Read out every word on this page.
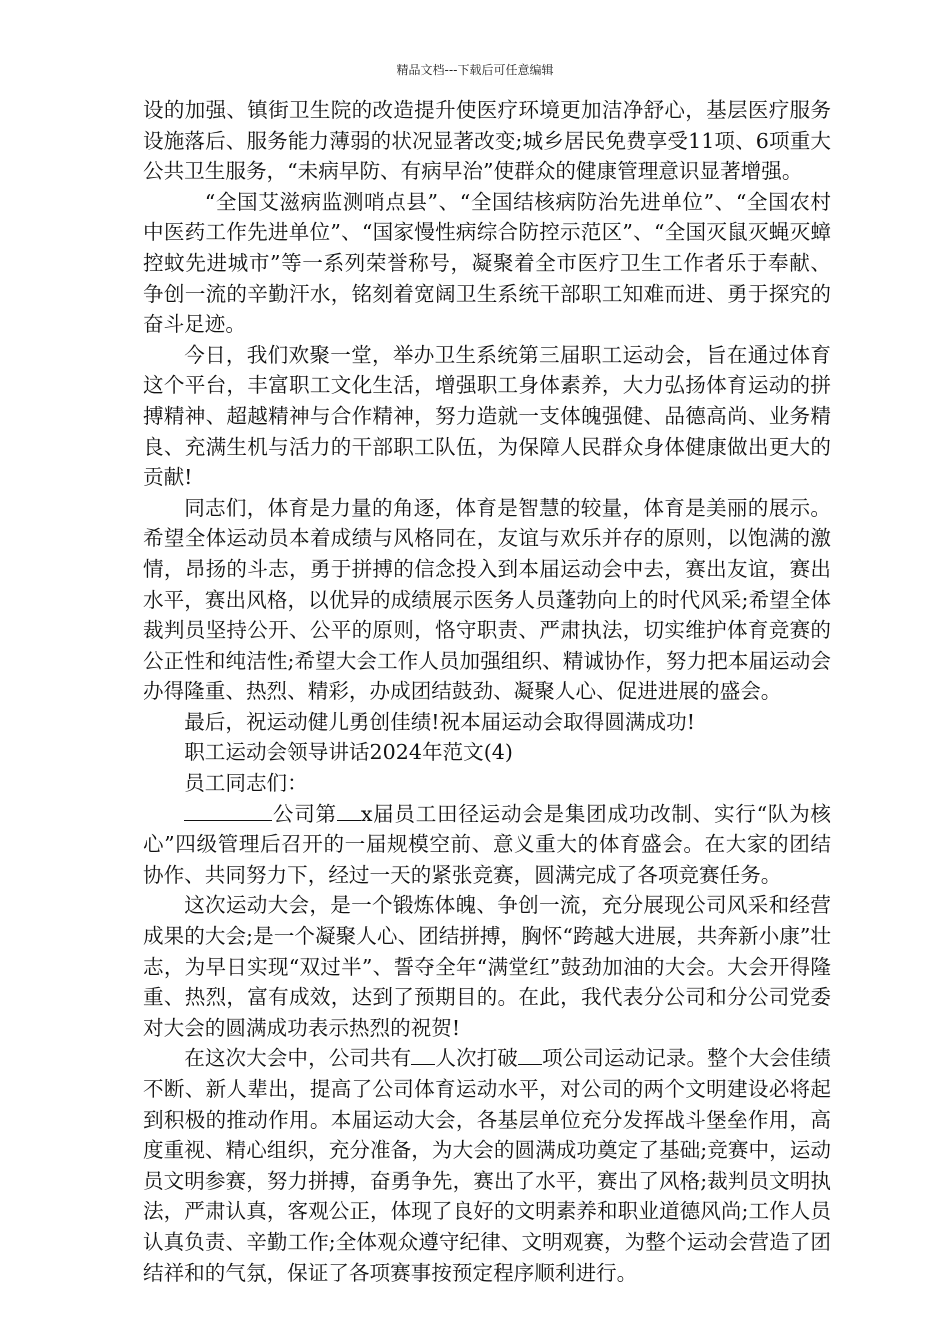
精品文档---下载后可任意编辑

设的加强、镇街卫生院的改造提升使医疗环境更加洁净舒心，基层医疗服务设施落后、服务能力薄弱的状况显著改变;城乡居民免费享受11项、6项重大公共卫生服务，“未病早防、有病早治”使群众的健康管理意识显著增强。

“全国艾滋病监测哨点县”、“全国结核病防治先进单位”、“全国农村中医药工作先进单位”、“国家慢性病综合防控示范区”、“全国灭鼠灭蝇灭蟑控蚊先进城市”等一系列荣誉称号，凝聚着全市医疗卫生工作者乐于奉献、争创一流的辛勤汗水，铭刻着宽阔卫生系统干部职工知难而进、勇于探究的奋斗足迹。

今日，我们欢聚一堂，举办卫生系统第三届职工运动会，旨在通过体育这个平台，丰富职工文化生活，增强职工身体素养，大力弘扬体育运动的拼搏精神、超越精神与合作精神，努力造就一支体魄强健、品德高尚、业务精良、充满生机与活力的干部职工队伍，为保障人民群众身体健康做出更大的贡献!

同志们，体育是力量的角逐，体育是智慧的较量，体育是美丽的展示。希望全体运动员本着成绩与风格同在，友谊与欢乐并存的原则，以饱满的激情，昂扬的斗志，勇于拼搏的信念投入到本届运动会中去，赛出友谊，赛出水平，赛出风格，以优异的成绩展示医务人员蓬勃向上的时代风采;希望全体裁判员坚持公开、公平的原则，恪守职责、严肃执法，切实维护体育竞赛的公正性和纯洁性;希望大会工作人员加强组织、精诚协作，努力把本届运动会办得隆重、热烈、精彩，办成团结鼓劲、凝聚人心、促进进展的盛会。

最后，祝运动健儿勇创佳绩!祝本届运动会取得圆满成功!

职工运动会领导讲话2024年范文(4)

员工同志们：

公司第 x届员工田径运动会是集团成功改制、实行“队为核心”四级管理后召开的一届规模空前、意义重大的体育盛会。在大家的团结协作、共同努力下，经过一天的紧张竞赛，圆满完成了各项竞赛任务。

这次运动大会，是一个锻炼体魄、争创一流，充分展现公司风采和经营成果的大会;是一个凝聚人心、团结拼搏，胸怀“跨越大进展，共奔新小康”壮志，为早日实现“双过半”、誓夺全年“满堂红”鼓劲加油的大会。大会开得隆重、热烈，富有成效，达到了预期目的。在此，我代表分公司和分公司党委对大会的圆满成功表示热烈的祝贺!

在这次大会中，公司共有 人次打破 项公司运动记录。整个大会佳绩不断、新人辈出，提高了公司体育运动水平，对公司的两个文明建设必将起到积极的推动作用。本届运动大会，各基层单位充分发挥战斗堡垒作用，高度重视、精心组织，充分准备，为大会的圆满成功奠定了基础;竞赛中，运动员文明参赛，努力拼搏，奋勇争先，赛出了水平，赛出了风格;裁判员文明执法，严肃认真，客观公正，体现了良好的文明素养和职业道德风尚;工作人员认真负责、辛勤工作;全体观众遵守纪律、文明观赛，为整个运动会营造了团结祥和的气氛，保证了各项赛事按预定程序顺利进行。
